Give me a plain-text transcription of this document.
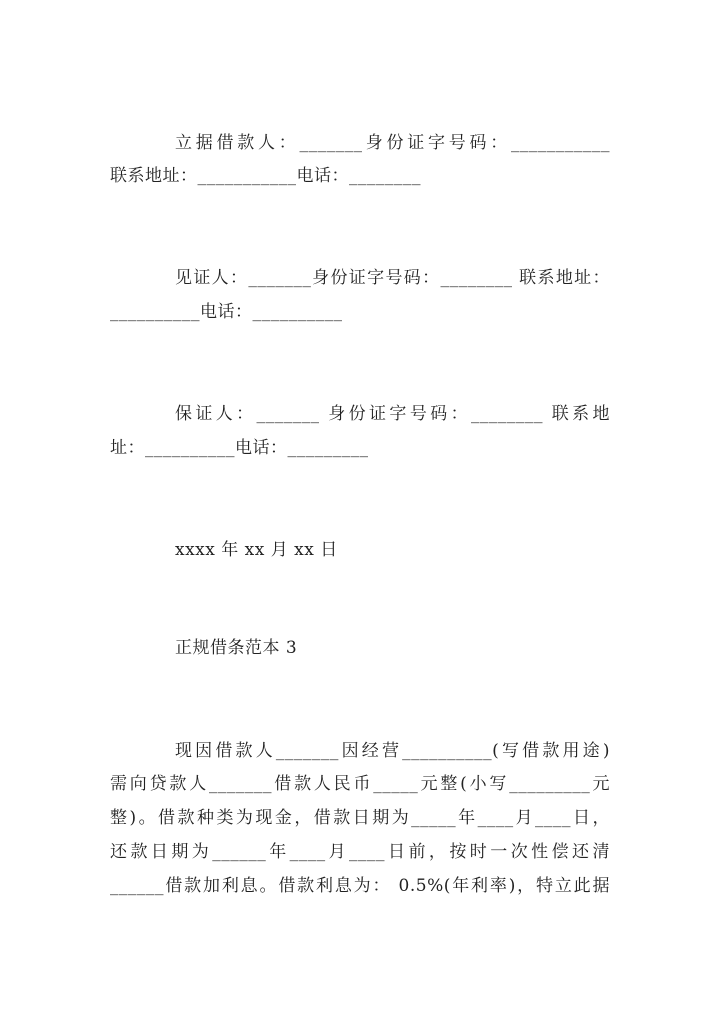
立据借款人：_______身份证字号码：___________
联系地址：___________电话：________
见证人：_______身份证字号码：________ 联系地址：
__________电话：__________
保证人：_______ 身份证字号码：________ 联系地
址：__________电话：_________
xxxx 年 xx 月 xx 日
正规借条范本 3
现因借款人_______因经营__________(写借款用途)
需向贷款人_______借款人民币_____元整(小写_________元
整)。借款种类为现金，借款日期为_____年____月____日，
还款日期为______年____月____日前，按时一次性偿还清
______借款加利息。借款利息为： 0.5%(年利率)，特立此据
